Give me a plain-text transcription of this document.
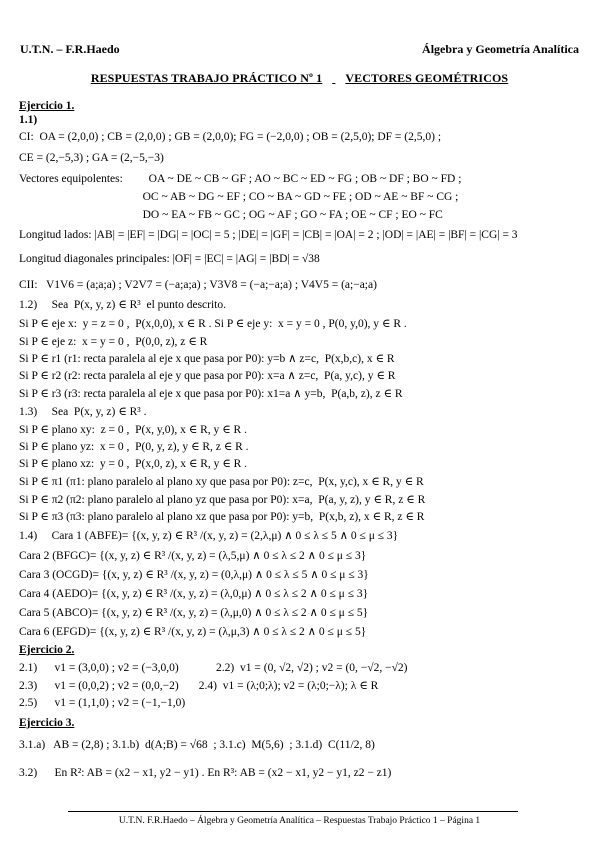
U.T.N. – F.R.Haedo	Álgebra y Geometría Analítica
RESPUESTAS TRABAJO PRÁCTICO Nº 1 VECTORES GEOMÉTRICOS
Ejercicio 1.
1.1)
CI:  OA = (2,0,0) ; CB = (2,0,0) ; GB = (2,0,0); FG = (−2,0,0) ; OB = (2,5,0); DF = (2,5,0) ;
CE = (2,−5,3) ; GA = (2,−5,−3)
Vectores equipolentes:         OA ~ DE ~ CB ~ GF ; AO ~ BC ~ ED ~ FG ; OB ~ DF ; BO ~ FD ;
OC ~ AB ~ DG ~ EF ; CO ~ BA ~ GD ~ FE ; OD ~ AE ~ BF ~ CG ;
DO ~ EA ~ FB ~ GC ; OG ~ AF ; GO ~ FA ; OE ~ CF ; EO ~ FC
Longitud lados: |AB| = |EF| = |DG| = |OC| = 5 ; |DE| = |GF| = |CB| = |OA| = 2 ; |OD| = |AE| = |BF| = |CG| = 3
Longitud diagonales principales: |OF| = |EC| = |AG| = |BD| = √38
CII:   V1V6 = (a;a;a) ; V2V7 = (−a;a;a) ; V3V8 = (−a;−a;a) ; V4V5 = (a;−a;a)
1.2)     Sea  P(x, y, z) ∈ R³  el punto descrito.
Si P ∈ eje x:  y = z = 0 ,  P(x,0,0), x ∈ R . Si P ∈ eje y:  x = y = 0 , P(0, y,0), y ∈ R .
Si P ∈ eje z:  x = y = 0 ,  P(0,0, z), z ∈ R
Si P ∈ r1 (r1: recta paralela al eje x que pasa por P0): y=b ∧ z=c,  P(x,b,c), x ∈ R
Si P ∈ r2 (r2: recta paralela al eje y que pasa por P0): x=a ∧ z=c,  P(a, y,c), y ∈ R
Si P ∈ r3 (r3: recta paralela al eje x que pasa por P0): x1=a ∧ y=b,  P(a,b, z), z ∈ R
1.3)     Sea  P(x, y, z) ∈ R³ .
Si P ∈ plano xy:  z = 0 ,  P(x, y,0), x ∈ R, y ∈ R .
Si P ∈ plano yz:  x = 0 ,  P(0, y, z), y ∈ R, z ∈ R .
Si P ∈ plano xz:  y = 0 ,  P(x,0, z), x ∈ R, y ∈ R .
Si P ∈ π1 (π1: plano paralelo al plano xy que pasa por P0): z=c,  P(x, y,c), x ∈ R, y ∈ R
Si P ∈ π2 (π2: plano paralelo al plano yz que pasa por P0): x=a,  P(a, y, z), y ∈ R, z ∈ R
Si P ∈ π3 (π3: plano paralelo al plano xz que pasa por P0): y=b,  P(x,b, z), x ∈ R, z ∈ R
1.4)     Cara 1 (ABFE)= {(x, y, z) ∈ R³ /(x, y, z) = (2,λ,μ) ∧ 0 ≤ λ ≤ 5 ∧ 0 ≤ μ ≤ 3}
Cara 2 (BFGC)= {(x, y, z) ∈ R³ /(x, y, z) = (λ,5,μ) ∧ 0 ≤ λ ≤ 2 ∧ 0 ≤ μ ≤ 3}
Cara 3 (OCGD)= {(x, y, z) ∈ R³ /(x, y, z) = (0,λ,μ) ∧ 0 ≤ λ ≤ 5 ∧ 0 ≤ μ ≤ 3}
Cara 4 (AEDO)= {(x, y, z) ∈ R³ /(x, y, z) = (λ,0,μ) ∧ 0 ≤ λ ≤ 2 ∧ 0 ≤ μ ≤ 3}
Cara 5 (ABCO)= {(x, y, z) ∈ R³ /(x, y, z) = (λ,μ,0) ∧ 0 ≤ λ ≤ 2 ∧ 0 ≤ μ ≤ 5}
Cara 6 (EFGD)= {(x, y, z) ∈ R³ /(x, y, z) = (λ,μ,3) ∧ 0 ≤ λ ≤ 2 ∧ 0 ≤ μ ≤ 5}
Ejercicio 2.
2.1)      v1 = (3,0,0) ; v2 = (−3,0,0)             2.2)  v1 = (0, √2, √2) ; v2 = (0, −√2, −√2)
2.3)      v1 = (0,0,2) ; v2 = (0,0,−2)       2.4)  v1 = (λ;0;λ); v2 = (λ;0;−λ); λ ∈ R
2.5)      v1 = (1,1,0) ; v2 = (−1,−1,0)
Ejercicio 3.
3.1.a)   AB = (2,8) ; 3.1.b)  d(A;B) = √68  ; 3.1.c)  M(5,6)  ; 3.1.d)  C(11/2, 8)
3.2)      En R²: AB = (x2 − x1, y2 − y1) . En R³: AB = (x2 − x1, y2 − y1, z2 − z1)
U.T.N. F.R.Haedo – Álgebra y Geometría Analítica – Respuestas Trabajo Práctico 1 – Página 1
